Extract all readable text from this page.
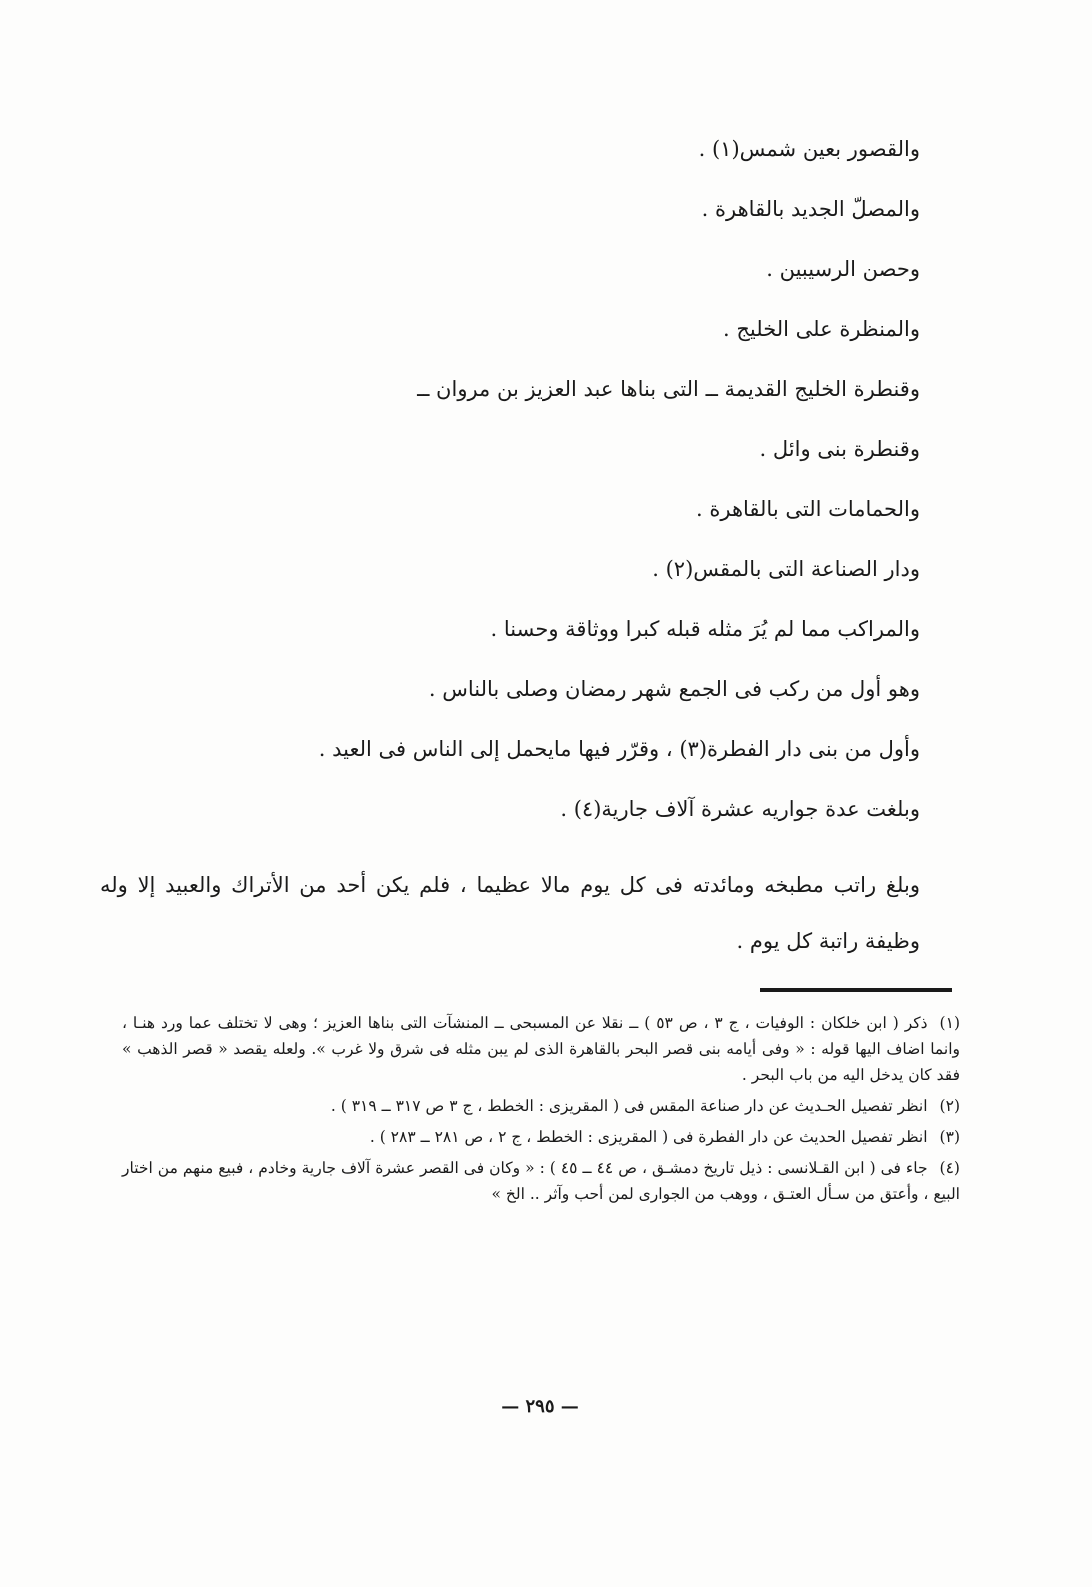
والقصور بعين شمس(١) .
والمصلّ الجديد بالقاهرة .
وحصن الرسيبين .
والمنظرة على الخليج .
وقنطرة الخليج القديمة ــ التى بناها عبد العزيز بن مروان ــ
وقنطرة بنى وائل .
والحمامات التى بالقاهرة .
ودار الصناعة التى بالمقس(٢) .
والمراكب مما لم يُرَ مثله قبله كبرا ووثاقة وحسنا .
وهو أول من ركب فى الجمع شهر رمضان وصلى بالناس .
وأول من بنى دار الفطرة(٣) ، وقرّر فيها مايحمل إلى الناس فى العيد .
وبلغت عدة جواريه عشرة آلاف جارية(٤) .
وبلغ راتب مطبخه ومائدته فى كل يوم مالا عظيما ، فلم يكن أحد من الأتراك والعبيد إلا وله وظيفة راتبة كل يوم .

(١)ذكر ( ابن خلكان : الوفيات ، ج ٣ ، ص ٥٣ ) ــ نقلا عن المسبحى ــ المنشآت التى بناها العزيز ؛ وهى لا تختلف عما ورد هنـا ، وانما اضاف اليها قوله : « وفى أيامه بنى قصر البحر بالقاهرة الذى لم يبن مثله فى شرق ولا غرب ». ولعله يقصد « قصر الذهب » فقد كان يدخل اليه من باب البحر .

(٢)انظر تفصيل الحـديث عن دار صناعة المقس فى ( المقريزى : الخطط ، ج ٣ ص ٣١٧ ــ ٣١٩ ) .

(٣)انظر تفصيل الحديث عن دار الفطرة فى ( المقريزى : الخطط ، ج ٢ ، ص ٢٨١ ــ ٢٨٣ ) .

(٤)جاء فى ( ابن القـلانسى : ذيل تاريخ دمشـق ، ص ٤٤ ــ ٤٥ ) : « وكان فى القصر عشرة آلاف جارية وخادم ، فبيع منهم من اختار البيع ، وأعتق من سـأل العتـق ، ووهب من الجوارى لمن أحب وآثر .. الخ »

— ٢٩٥ —
